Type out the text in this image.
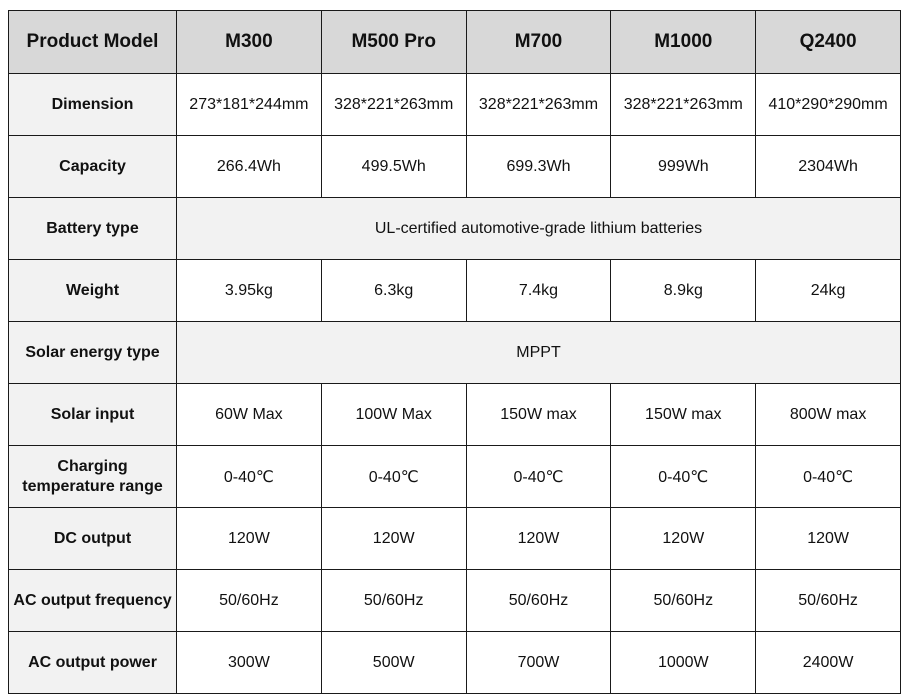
Product Model	M300	M500 Pro	M700	M1000	Q2400
Dimension	273*181*244mm	328*221*263mm	328*221*263mm	328*221*263mm	410*290*290mm
Capacity	266.4Wh	499.5Wh	699.3Wh	999Wh	2304Wh
Battery type	UL-certified automotive-grade lithium batteries				
Weight	3.95kg	6.3kg	7.4kg	8.9kg	24kg
Solar energy type	MPPT				
Solar input	60W Max	100W Max	150W max	150W max	800W max

Charging
temperature range	0-40℃	0-40℃	0-40℃	0-40℃	0-40℃
DC output	120W	120W	120W	120W	120W
AC output frequency	50/60Hz	50/60Hz	50/60Hz	50/60Hz	50/60Hz
AC output power	300W	500W	700W	1000W	2400W
